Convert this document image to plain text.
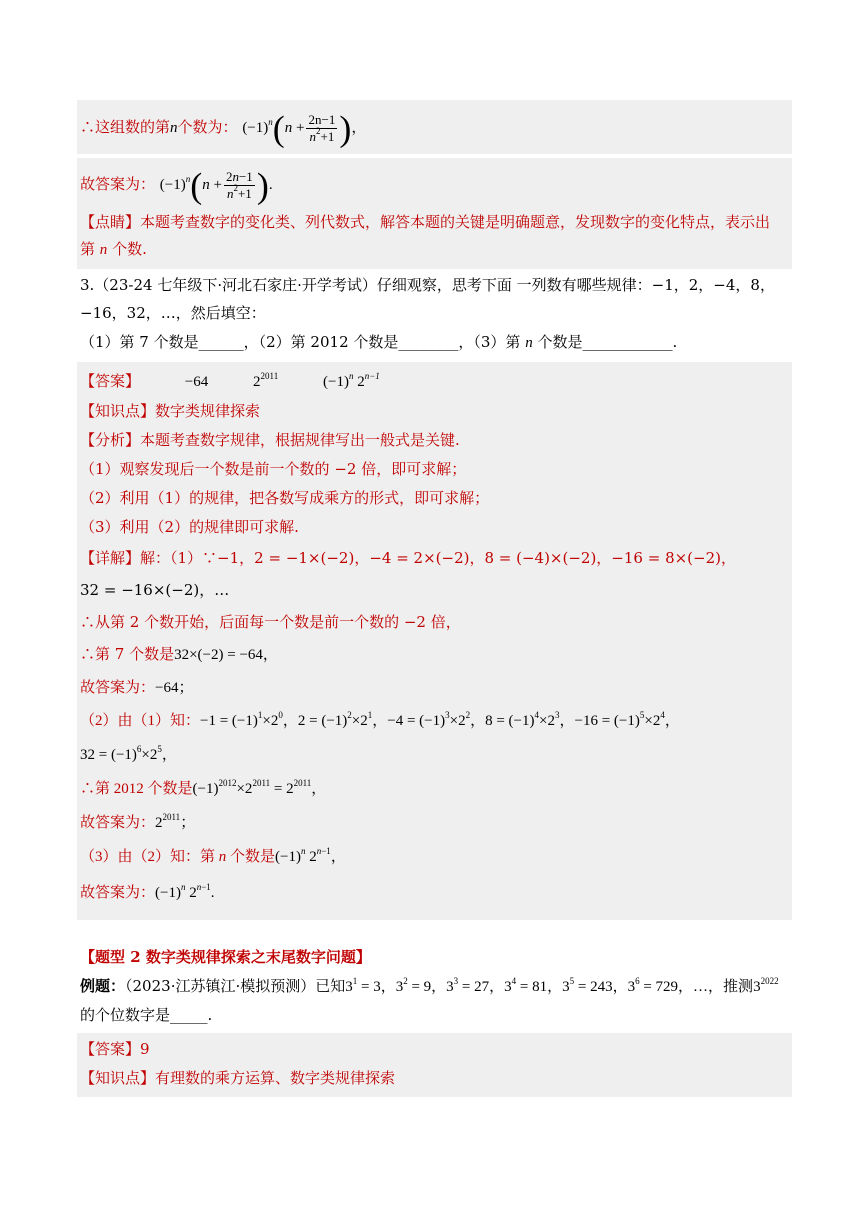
∴这组数的第n个数为： $(-1)^n(n + \frac{2n-1}{n^2+1}$ )，
故答案为： $(-1)^n(n + \frac{2n-1}{n^2+1}$ ).
【点睛】本题考查数字的变化类、列代数式，解答本题的关键是明确题意，发现数字的变化特点，表示出
第 n 个数.
3.（23-24 七年级下·河北石家庄·开学考试）仔细观察，思考下面 一列数有哪些规律：−1，2，−4，8，
−16，32，…，然后填空：
（1）第 7 个数是______，（2）第 2012 个数是________，（3）第 n 个数是____________.
【答案】	−64	$2^{2011}$	$(-1)^n$ $2^{n-1}$
【知识点】数字类规律探索
【分析】本题考查数字规律，根据规律写出一般式是关键.
（1）观察发现后一个数是前一个数的 −2 倍，即可求解；
（2）利用（1）的规律，把各数写成乘方的形式，即可求解；
（3）利用（2）的规律即可求解.
【详解】解：（1）∵−1，2 = −1×(−2)，−4 = 2×(−2)，8 = (−4)×(−2)，−16 = 8×(−2)，
32 = −16×(−2)，…
∴从第 2 个数开始，后面每一个数是前一个数的 −2 倍，
∴第 7 个数是32×(−2) = −64，
故答案为：−64；
（2）由（1）知：$-1 = (-1)^1\times 2^0$，$2 = (-1)^2\times 2^1$，$-4 = (-1)^3\times 2^2$，$8 = (-1)^4\times 2^3$，$-16 = (-1)^5\times 2^4$，
$32 = (-1)^6\times 2^5$，
∴第 2012 个数是$(-1)^{2012}\times 2^{2011} = 2^{2011}$，
故答案为：$2^{2011}$；
（3）由（2）知：第 n 个数是$(-1)^n$ $2^{n-1}$，
故答案为：$(-1)^n$ $2^{n-1}$.
【题型 2 数字类规律探索之末尾数字问题】
例题：（2023·江苏镇江·模拟预测）已知$3^1 = 3$，$3^2 = 9$，$3^3 = 27$，$3^4 = 81$，$3^5 = 243$，$3^6 = 729$，…，推测$3^{2022}$
的个位数字是_____.
【答案】9
【知识点】有理数的乘方运算、数字类规律探索
